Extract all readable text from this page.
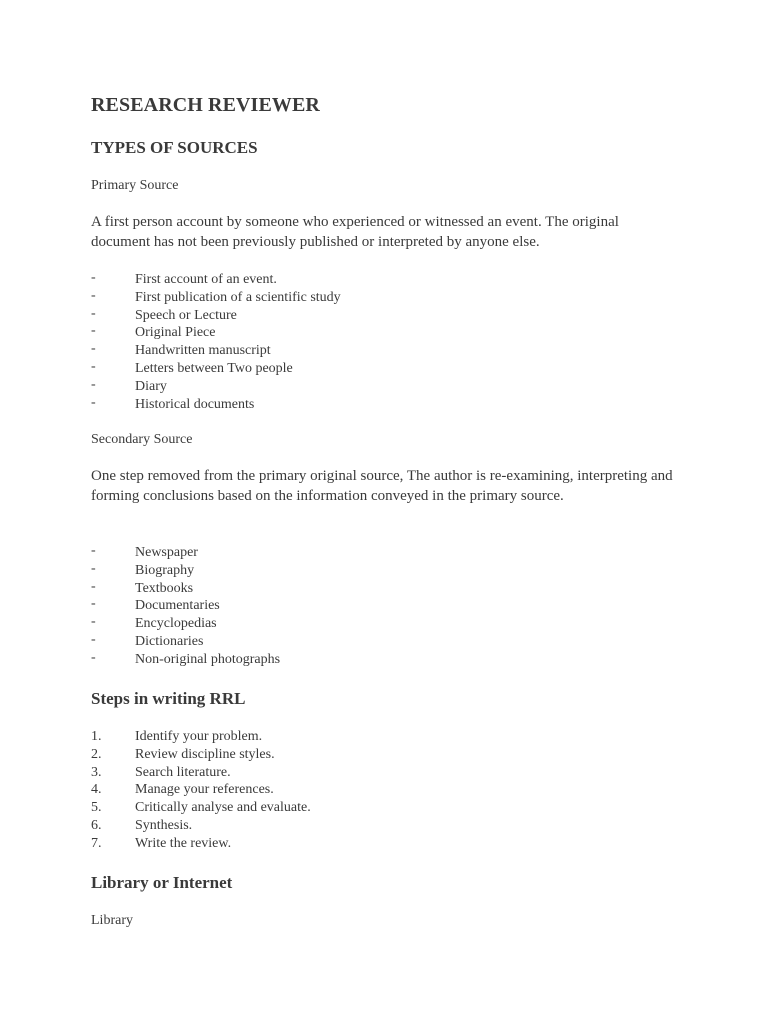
RESEARCH REVIEWER
TYPES OF SOURCES

Primary Source

A first person account by someone who experienced or witnessed an event. The original document has not been previously published or interpreted by anyone else.

-	First account of an event.
-	First publication of a scientific study
-	Speech or Lecture
-	Original Piece
-	Handwritten manuscript
-	Letters between Two people
-	Diary
-	Historical documents

Secondary Source

One step removed from the primary original source, The author is re-examining, interpreting and forming conclusions based on the information conveyed in the primary source.

-	Newspaper
-	Biography
-	Textbooks
-	Documentaries
-	Encyclopedias
-	Dictionaries
-	Non-original photographs
Steps in writing RRL
1.	Identify your problem.
2.	Review discipline styles.
3.	Search literature.
4.	Manage your references.
5.	Critically analyse and evaluate.
6.	Synthesis.
7.	Write the review.
Library or Internet

Library
